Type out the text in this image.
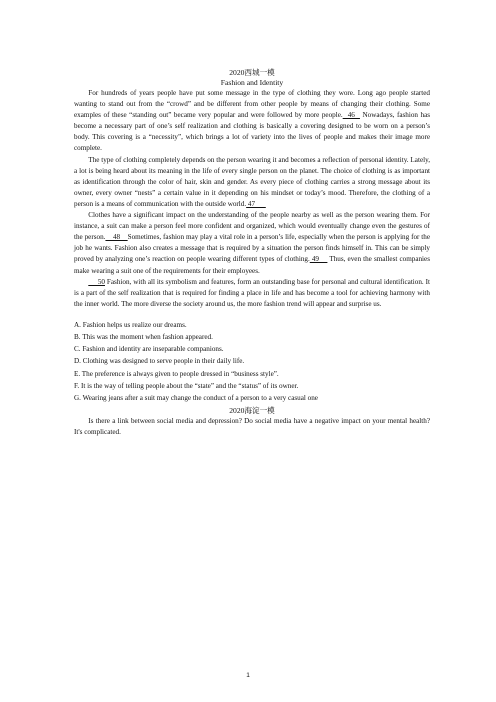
2020西城一模

Fashion and Identity

For hundreds of years people have put some message in the type of clothing they wore. Long ago people started wanting to stand out from the “crowd” and be different from other people by means of changing their clothing. Some examples of these “standing out” became very popular and were followed by more people.  46   Nowadays, fashion has become a necessary part of one’s self realization and clothing is basically a covering designed to be worn on a person’s body. This covering is a “necessity”, which brings a lot of variety into the lives of people and makes their image more complete.

The type of clothing completely depends on the person wearing it and becomes a reflection of personal identity. Lately, a lot is being heard about its meaning in the life of every single person on the planet. The choice of clothing is as important as identification through the color of hair, skin and gender. As every piece of clothing carries a strong message about its owner, every owner “nests” a certain value in it depending on his mindset or today’s mood. Therefore, the clothing of a person is a means of communication with the outside world. 47

Clothes have a significant impact on the understanding of the people nearby as well as the person wearing them. For instance, a suit can make a person feel more confident and organized, which would eventually change even the gestures of the person.    48    Sometimes, fashion may play a vital role in a person’s life, especially when the person is applying for the job he wants. Fashion also creates a message that is required by a situation the person finds himself in. This can be simply proved by analyzing one’s reaction on people wearing different types of clothing. 49     Thus, even the smallest companies make wearing a suit one of the requirements for their employees.

50 Fashion, with all its symbolism and features, form an outstanding base for personal and cultural identification. It is a part of the self realization that is required for finding a place in life and has become a tool for achieving harmony with the inner world. The more diverse the society around us, the more fashion trend will appear and surprise us.

A. Fashion helps us realize our dreams.

B. This was the moment when fashion appeared.

C. Fashion and identity are inseparable companions.

D. Clothing was designed to serve people in their daily life.

E. The preference is always given to people dressed in “business style”.

F. It is the way of telling people about the “state” and the “status” of its owner.

G. Wearing jeans after a suit may change the conduct of a person to a very casual one

2020海淀一模

Is there a link between social media and depression? Do social media have a negative impact on your mental health? It's complicated.

1
